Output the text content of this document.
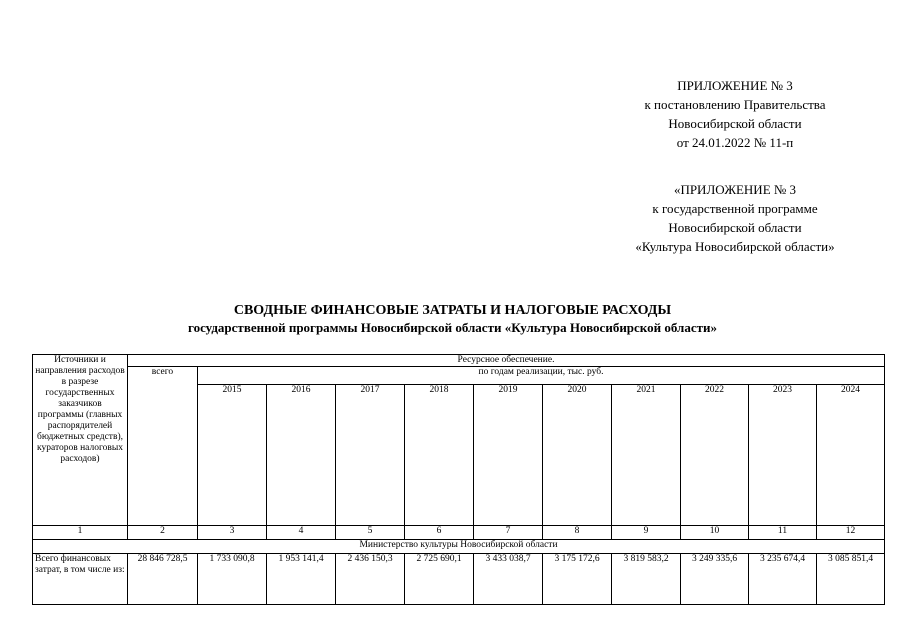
ПРИЛОЖЕНИЕ № 3
к постановлению Правительства
Новосибирской области
от 24.01.2022 № 11-п
«ПРИЛОЖЕНИЕ № 3
к государственной программе
Новосибирской области
«Культура Новосибирской области»
СВОДНЫЕ ФИНАНСОВЫЕ ЗАТРАТЫ И НАЛОГОВЫЕ РАСХОДЫ
государственной программы Новосибирской области «Культура Новосибирской области»
Источники и направления расходов в разрезе государственных заказчиков программы (главных распорядителей бюджетных средств), кураторов налоговых расходов)	Ресурсное обеспечение.										
	всего	по годам реализации, тыс. руб.									
		2015	2016	2017	2018	2019	2020	2021	2022	2023	2024
1	2	3	4	5	6	7	8	9	10	11	12
Министерство культуры Новосибирской области											
Всего финансовых затрат, в том числе из:	28 846 728,5	1 733 090,8	1 953 141,4	2 436 150,3	2 725 690,1	3 433 038,7	3 175 172,6	3 819 583,2	3 249 335,6	3 235 674,4	3 085 851,4
